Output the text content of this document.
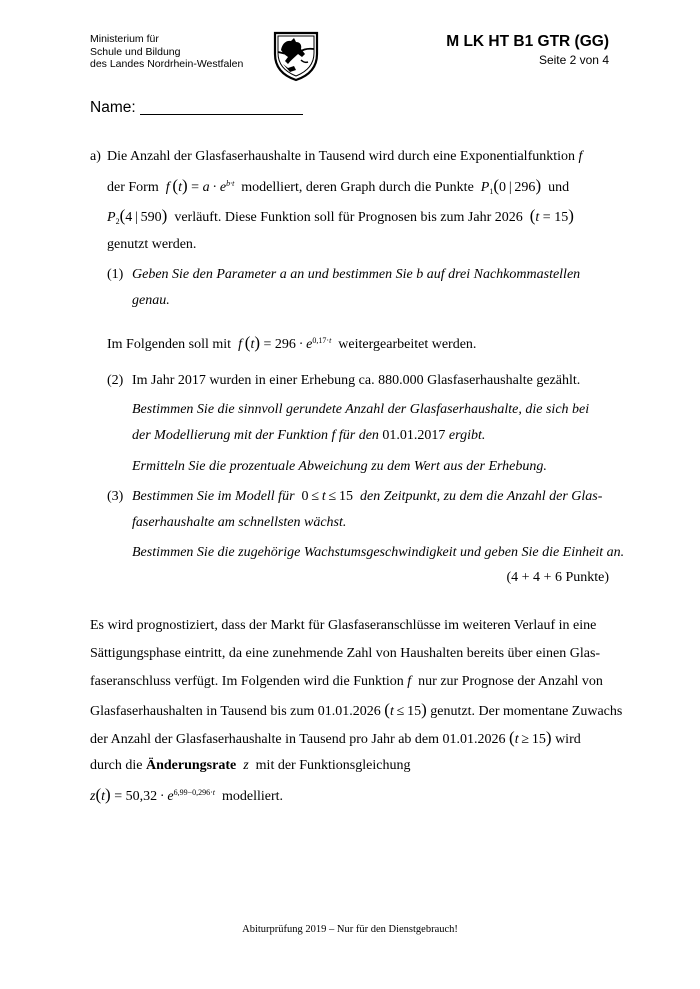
Ministerium für
Schule und Bildung
des Landes Nordrhein-Westfalen
M LK HT B1 GTR (GG)
Seite 2 von 4
Name:
a) Die Anzahl der Glasfaserhaushalte in Tausend wird durch eine Exponentialfunktion f
der Form f  $(t) = a \cdot e^{b\cdot t}$ modelliert, deren Graph durch die Punkte $P_1(0$ | 296) und
$P_2(4$ | 590) verläuft. Diese Funktion soll für Prognosen bis zum Jahr 2026 (t = 15)
genutzt werden.
(1) Geben Sie den Parameter a an und bestimmen Sie b auf drei Nachkommastellen
genau.
Im Folgenden soll mit f  $(t) = 296 \cdot e^{0,17\cdot t}$ weitergearbeitet werden.
(2) Im Jahr 2017 wurden in einer Erhebung ca. 880.000 Glasfaserhaushalte gezählt.
Bestimmen Sie die sinnvoll gerundete Anzahl der Glasfaserhaushalte, die sich bei
der Modellierung mit der Funktion f für den 01.01.2017 ergibt.
Ermitteln Sie die prozentuale Abweichung zu dem Wert aus der Erhebung.
(3) Bestimmen Sie im Modell für 0 ≤ t ≤ 15 den Zeitpunkt, zu dem die Anzahl der Glas-
faserhaushalte am schnellsten wächst.
Bestimmen Sie die zugehörige Wachstumsgeschwindigkeit und geben Sie die Einheit an.
(4 + 4 + 6 Punkte)
Es wird prognostiziert, dass der Markt für Glasfaseranschlüsse im weiteren Verlauf in eine
Sättigungsphase eintritt, da eine zunehmende Zahl von Haushalten bereits über einen Glas-
faseranschluss verfügt. Im Folgenden wird die Funktion f nur zur Prognose der Anzahl von
Glasfaserhaushalten in Tausend bis zum 01.01.2026 (t ≤ 15) genutzt. Der momentane Zuwachs
der Anzahl der Glasfaserhaushalte in Tausend pro Jahr ab dem 01.01.2026 (t ≥ 15) wird
durch die Änderungsrate z mit der Funktionsgleichung
$z(t) = 50,32 \cdot e^{6,99-0,296\cdot t}$ modelliert.
Abiturprüfung 2019 – Nur für den Dienstgebrauch!
